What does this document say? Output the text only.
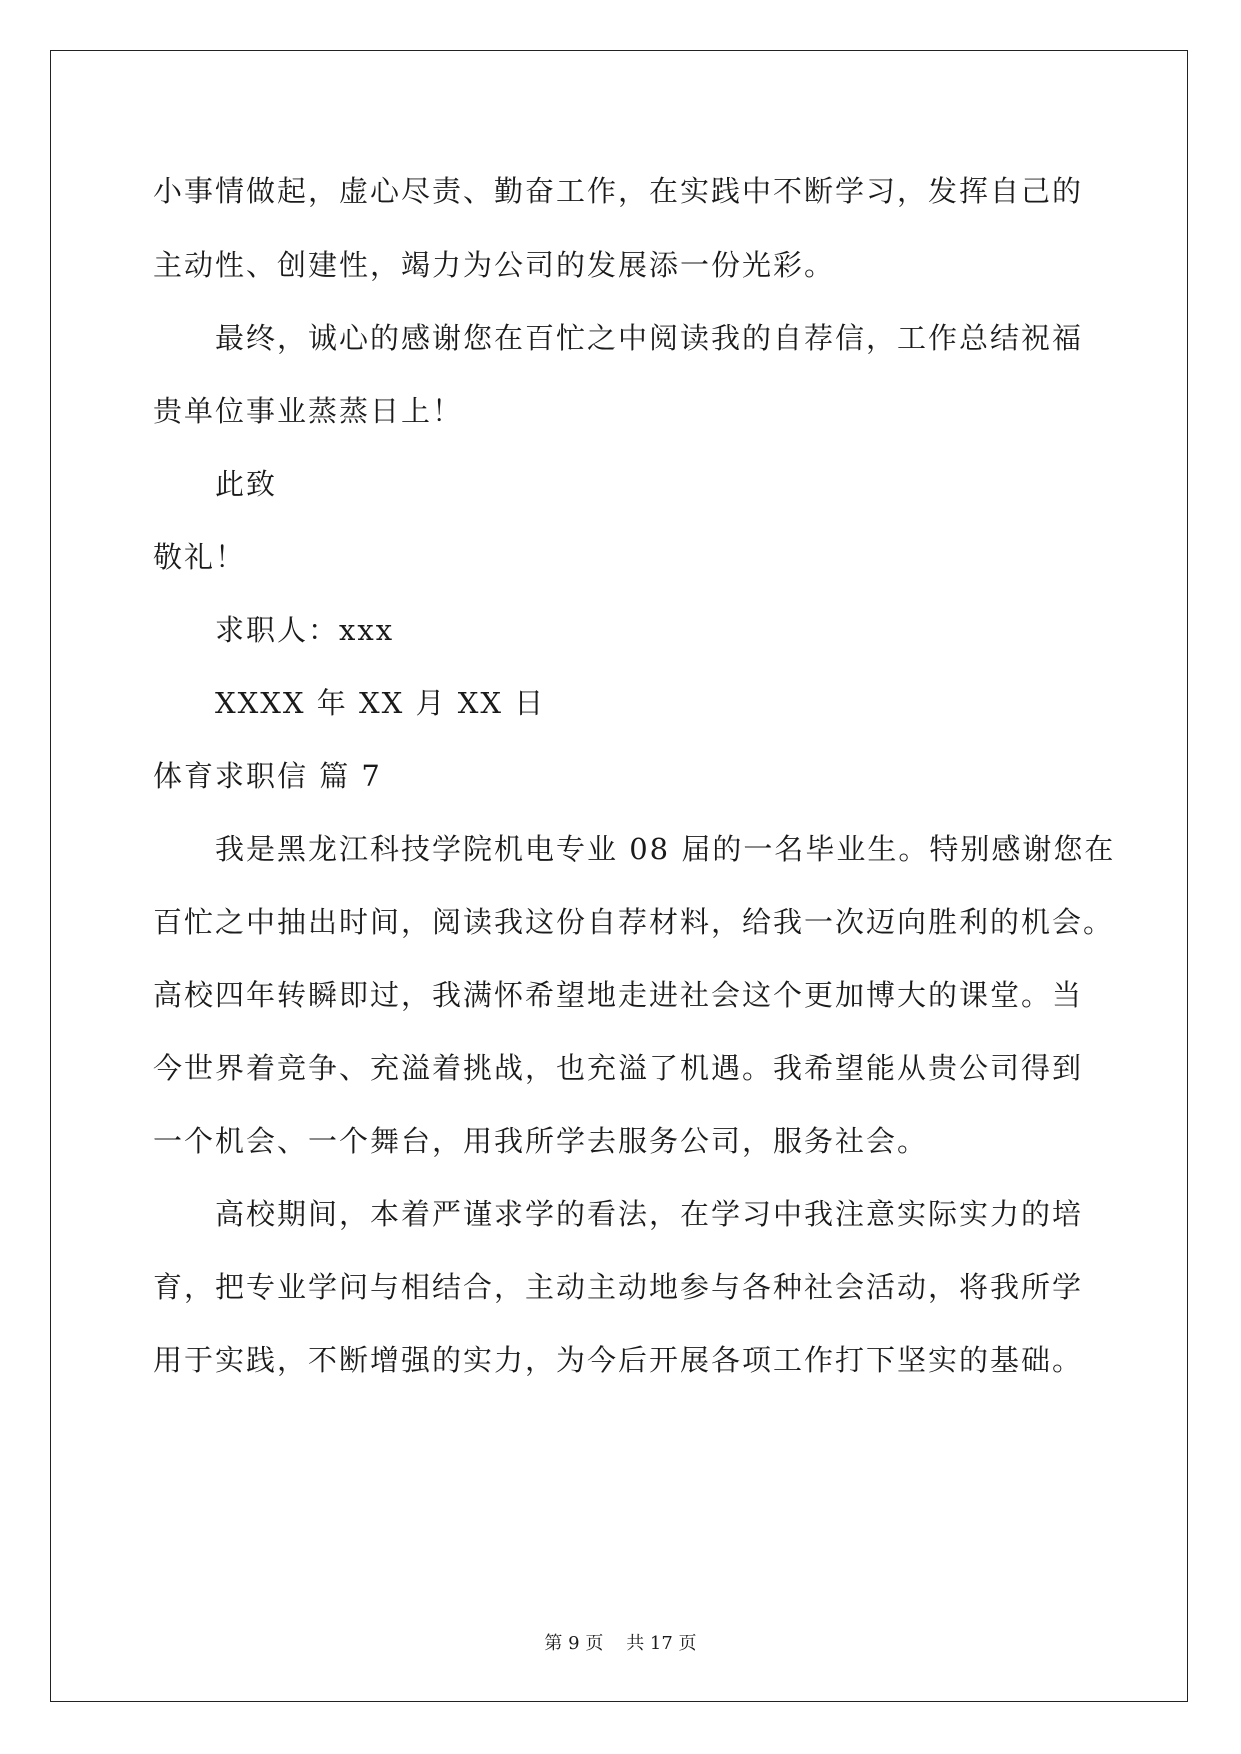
小事情做起，虚心尽责、勤奋工作，在实践中不断学习，发挥自己的
主动性、创建性，竭力为公司的发展添一份光彩。
最终，诚心的感谢您在百忙之中阅读我的自荐信，工作总结祝福
贵单位事业蒸蒸日上！
此致
敬礼！
求职人：xxx
XXXX 年 XX 月 XX 日
体育求职信 篇 7
我是黑龙江科技学院机电专业 08 届的一名毕业生。特别感谢您在
百忙之中抽出时间，阅读我这份自荐材料，给我一次迈向胜利的机会。
高校四年转瞬即过，我满怀希望地走进社会这个更加博大的课堂。当
今世界着竞争、充溢着挑战，也充溢了机遇。我希望能从贵公司得到
一个机会、一个舞台，用我所学去服务公司，服务社会。
高校期间，本着严谨求学的看法，在学习中我注意实际实力的培
育，把专业学问与相结合，主动主动地参与各种社会活动，将我所学
用于实践，不断增强的实力，为今后开展各项工作打下坚实的基础。
第 9 页    共 17 页
